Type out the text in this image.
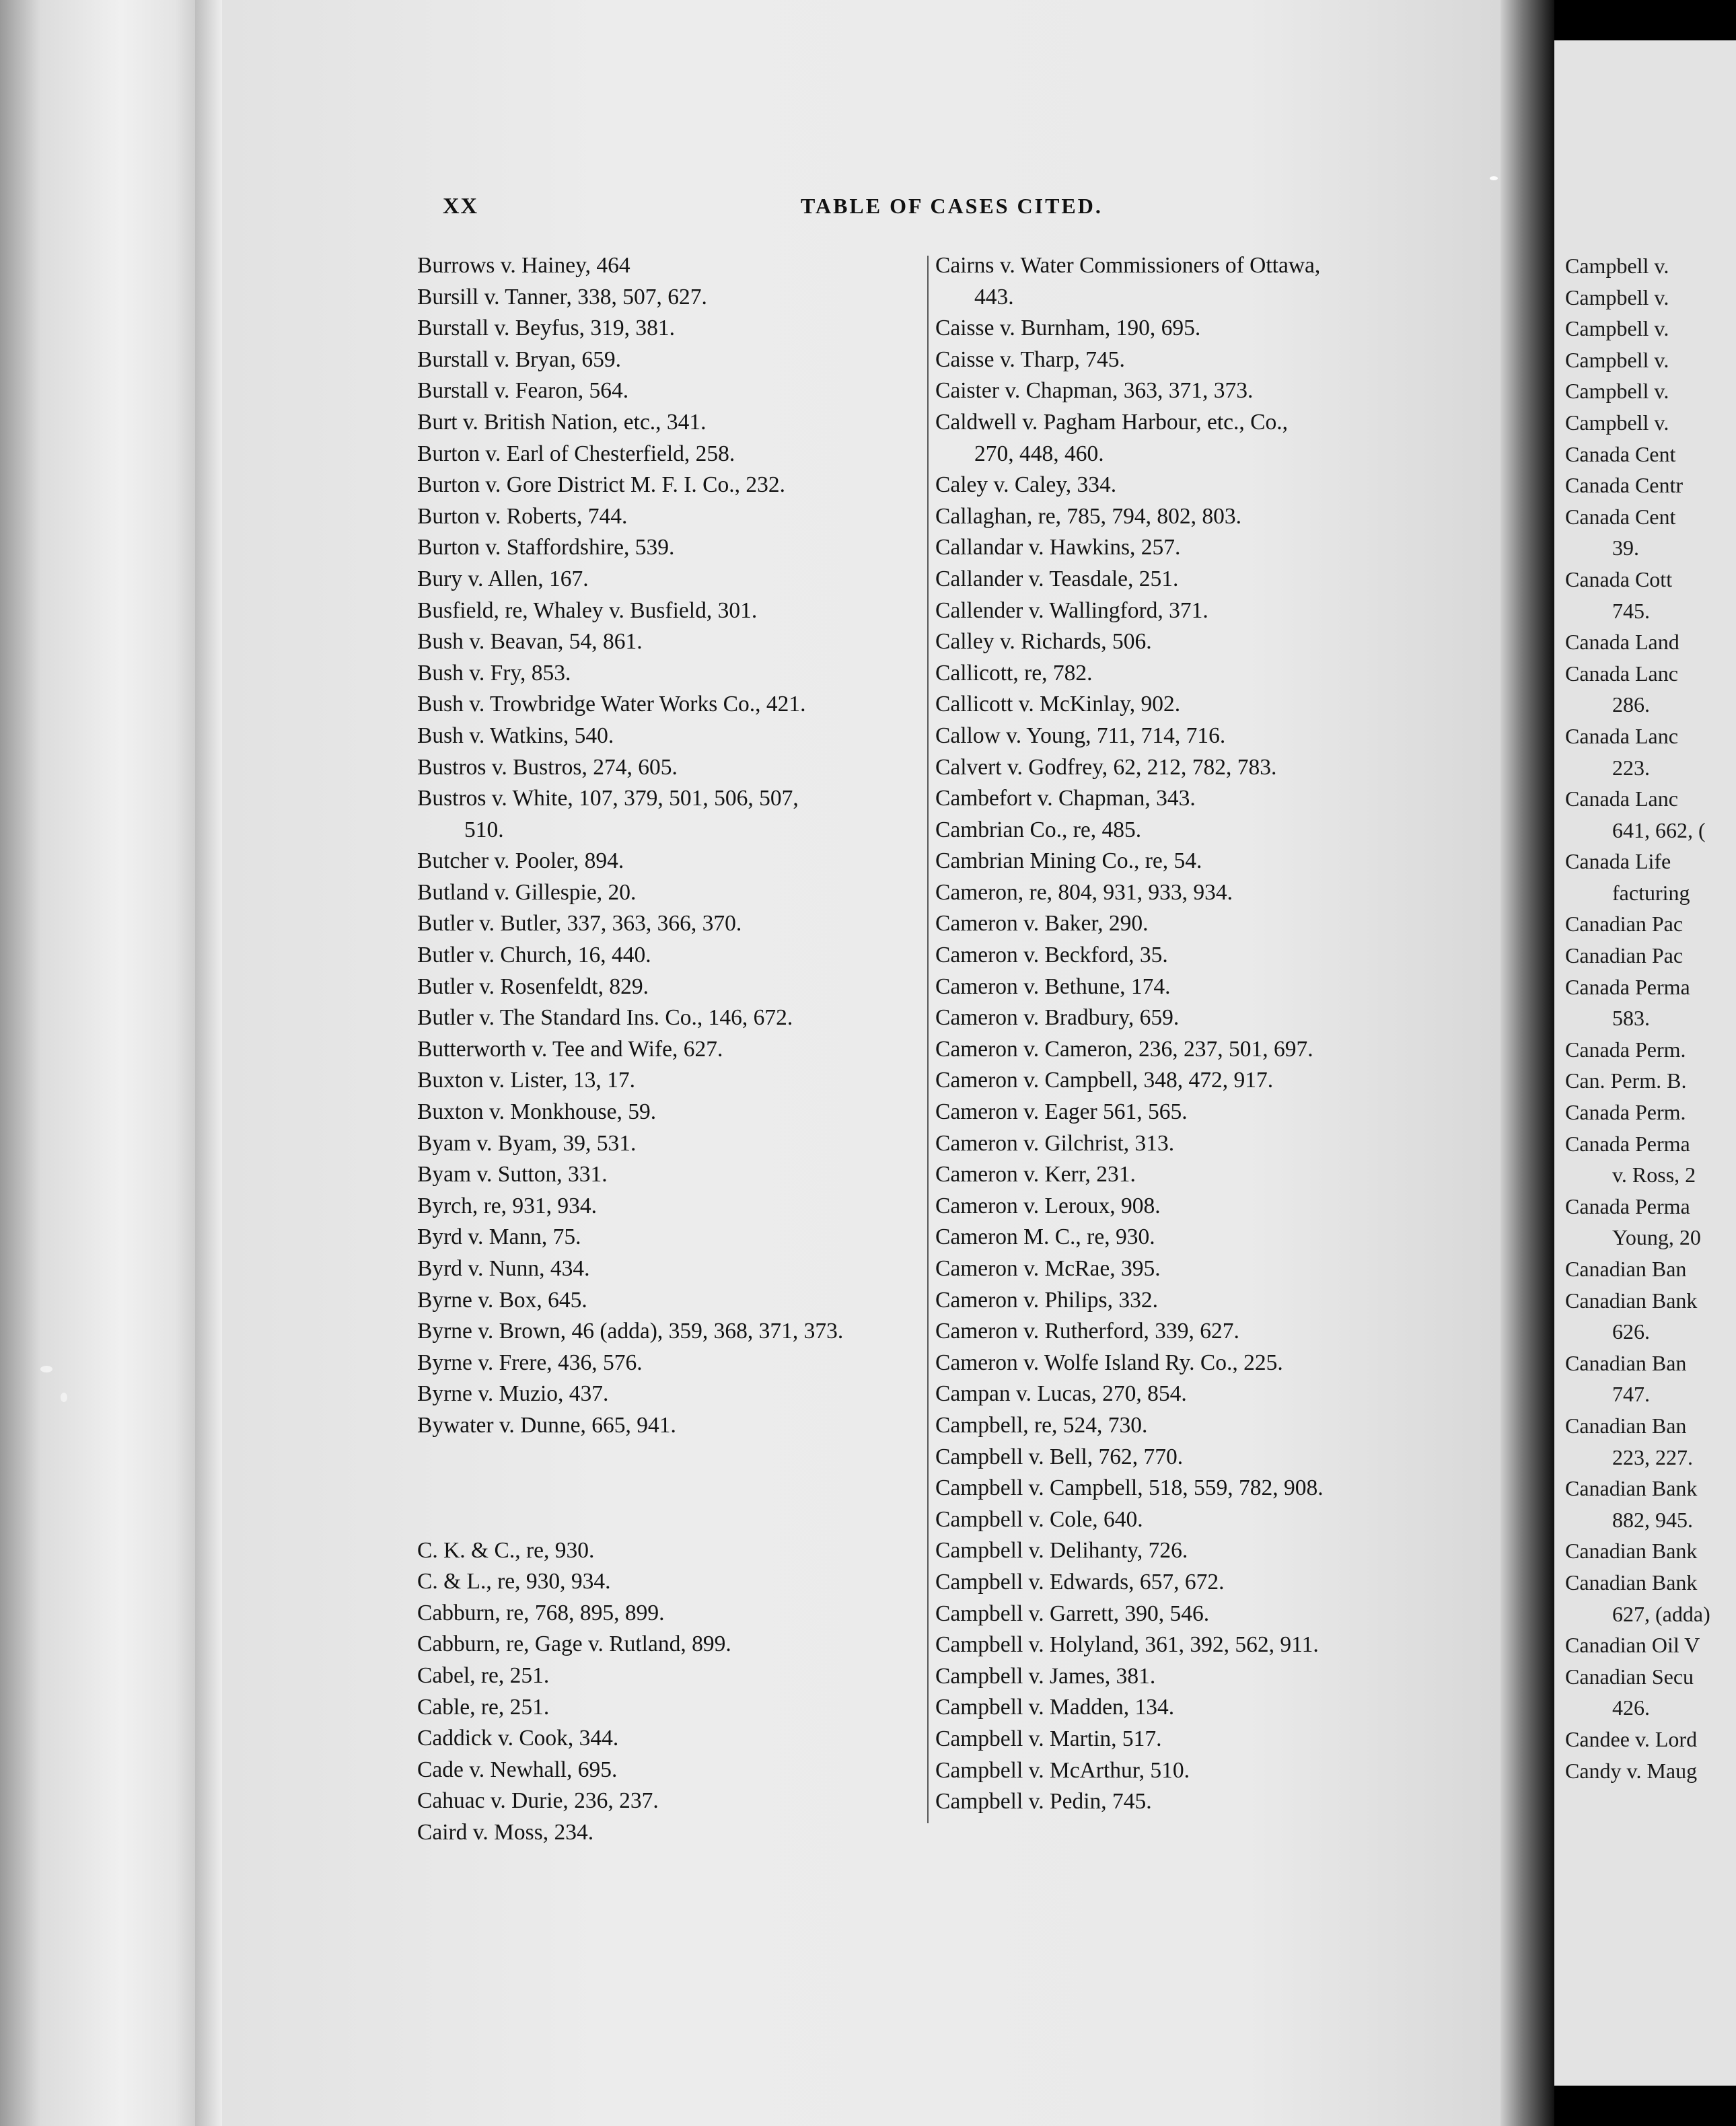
XX	TABLE OF CASES CITED.
Burrows v. Hainey, 464
Bursill v. Tanner, 338, 507, 627.
Burstall v. Beyfus, 319, 381.
Burstall v. Bryan, 659.
Burstall v. Fearon, 564.
Burt v. British Nation, etc., 341.
Burton v. Earl of Chesterfield, 258.
Burton v. Gore District M. F. I. Co., 232.
Burton v. Roberts, 744.
Burton v. Staffordshire, 539.
Bury v. Allen, 167.
Busfield, re, Whaley v. Busfield, 301.
Bush v. Beavan, 54, 861.
Bush v. Fry, 853.
Bush v. Trowbridge Water Works Co., 421.
Bush v. Watkins, 540.
Bustros v. Bustros, 274, 605.
Bustros v. White, 107, 379, 501, 506, 507,
510.
Butcher v. Pooler, 894.
Butland v. Gillespie, 20.
Butler v. Butler, 337, 363, 366, 370.
Butler v. Church, 16, 440.
Butler v. Rosenfeldt, 829.
Butler v. The Standard Ins. Co., 146, 672.
Butterworth v. Tee and Wife, 627.
Buxton v. Lister, 13, 17.
Buxton v. Monkhouse, 59.
Byam v. Byam, 39, 531.
Byam v. Sutton, 331.
Byrch, re, 931, 934.
Byrd v. Mann, 75.
Byrd v. Nunn, 434.
Byrne v. Box, 645.
Byrne v. Brown, 46 (adda), 359, 368, 371, 373.
Byrne v. Frere, 436, 576.
Byrne v. Muzio, 437.
Bywater v. Dunne, 665, 941.
C. K. & C., re, 930.
C. & L., re, 930, 934.
Cabburn, re, 768, 895, 899.
Cabburn, re, Gage v. Rutland, 899.
Cabel, re, 251.
Cable, re, 251.
Caddick v. Cook, 344.
Cade v. Newhall, 695.
Cahuac v. Durie, 236, 237.
Caird v. Moss, 234.
Cairns v. Water Commissioners of Ottawa,
443.
Caisse v. Burnham, 190, 695.
Caisse v. Tharp, 745.
Caister v. Chapman, 363, 371, 373.
Caldwell v. Pagham Harbour, etc., Co.,
270, 448, 460.
Caley v. Caley, 334.
Callaghan, re, 785, 794, 802, 803.
Callandar v. Hawkins, 257.
Callander v. Teasdale, 251.
Callender v. Wallingford, 371.
Calley v. Richards, 506.
Callicott, re, 782.
Callicott v. McKinlay, 902.
Callow v. Young, 711, 714, 716.
Calvert v. Godfrey, 62, 212, 782, 783.
Cambefort v. Chapman, 343.
Cambrian Co., re, 485.
Cambrian Mining Co., re, 54.
Cameron, re, 804, 931, 933, 934.
Cameron v. Baker, 290.
Cameron v. Beckford, 35.
Cameron v. Bethune, 174.
Cameron v. Bradbury, 659.
Cameron v. Cameron, 236, 237, 501, 697.
Cameron v. Campbell, 348, 472, 917.
Cameron v. Eager 561, 565.
Cameron v. Gilchrist, 313.
Cameron v. Kerr, 231.
Cameron v. Leroux, 908.
Cameron M. C., re, 930.
Cameron v. McRae, 395.
Cameron v. Philips, 332.
Cameron v. Rutherford, 339, 627.
Cameron v. Wolfe Island Ry. Co., 225.
Campan v. Lucas, 270, 854.
Campbell, re, 524, 730.
Campbell v. Bell, 762, 770.
Campbell v. Campbell, 518, 559, 782, 908.
Campbell v. Cole, 640.
Campbell v. Delihanty, 726.
Campbell v. Edwards, 657, 672.
Campbell v. Garrett, 390, 546.
Campbell v. Holyland, 361, 392, 562, 911.
Campbell v. James, 381.
Campbell v. Madden, 134.
Campbell v. Martin, 517.
Campbell v. McArthur, 510.
Campbell v. Pedin, 745.
Campbell v.
Campbell v.
Campbell v.
Campbell v.
Campbell v.
Campbell v.
Canada Cent
Canada Centr
Canada Cent
39.
Canada Cott
745.
Canada Land
Canada Lanc
286.
Canada Lanc
223.
Canada Lanc
641, 662, (
Canada Life
facturing
Canadian Pac
Canadian Pac
Canada Perma
583.
Canada Perm.
Can. Perm. B.
Canada Perm.
Canada Perma
v. Ross, 2
Canada Perma
Young, 20
Canadian Ban
Canadian Bank
626.
Canadian Ban
747.
Canadian Ban
223, 227.
Canadian Bank
882, 945.
Canadian Bank
Canadian Bank
627, (adda)
Canadian Oil V
Canadian Secu
426.
Candee v. Lord
Candy v. Maug
